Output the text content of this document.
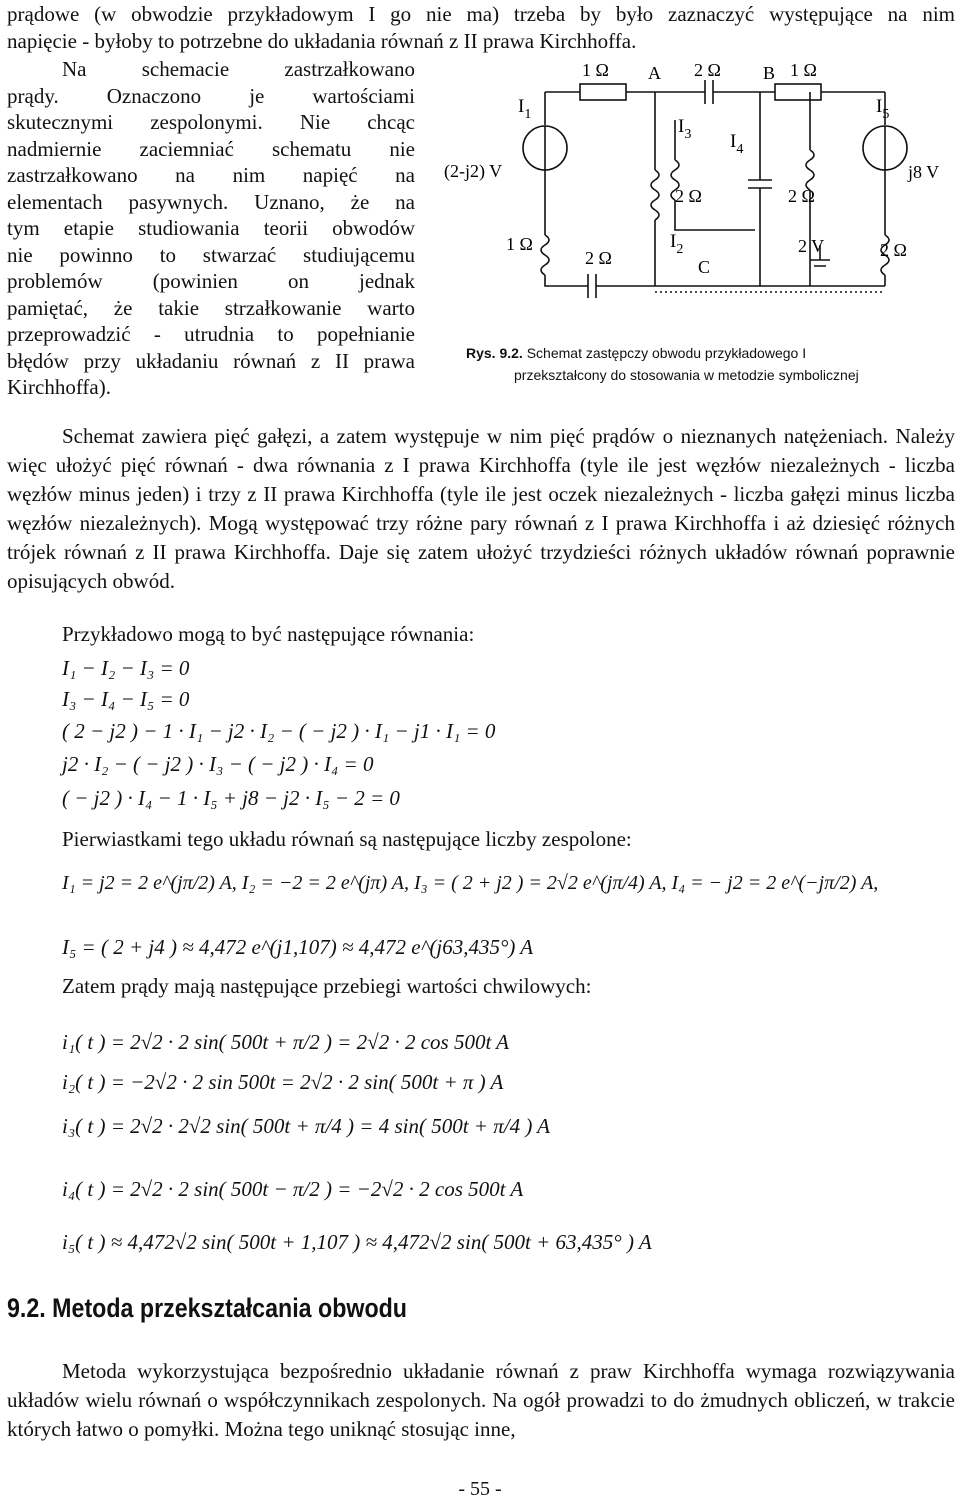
prądowe (w obwodzie przykładowym I go nie ma) trzeba by było zaznaczyć występujące na nim

napięcie - byłoby to potrzebne do układania równań z II prawa Kirchhoffa.

Na schemacie zastrzałkowano

prądy. Oznaczono je wartościami

skutecznymi zespolonymi. Nie chcąc

nadmiernie zaciemniać schematu nie

zastrzałkowano na nim napięć na

elementach pasywnych. Uznano, że na

tym etapie studiowania teorii obwodów

nie powinno to stwarzać studiującemu

problemów (powinien on jednak

pamiętać, że takie strzałkowanie warto

przeprowadzić - utrudnia to popełnianie

błędów przy układaniu równań z II prawa

Kirchhoffa).

1 Ω A 2 Ω B 1 Ω
$I_1$
$I_3$ $I_4$
$I_5$
$I_2$
(2-j2) V	j8 V
2 Ω	2 Ω
1 Ω
2 Ω	C
2 V	2 Ω
Rys. 9.2. Schemat zastępczy obwodu przykładowego I
przekształcony do stosowania w metodzie symbolicznej

Schemat zawiera pięć gałęzi, a zatem występuje w nim pięć prądów o nieznanych natężeniach. Należy więc ułożyć pięć równań - dwa równania z I prawa Kirchhoffa (tyle ile jest węzłów niezależnych - liczba węzłów minus jeden) i trzy z II prawa Kirchhoffa (tyle ile jest oczek niezależnych - liczba gałęzi minus liczba węzłów niezależnych). Mogą występować trzy różne pary równań z I prawa Kirchhoffa i aż dziesięć różnych trójek równań z II prawa Kirchhoffa. Daje się zatem ułożyć trzydzieści różnych układów równań poprawnie opisujących obwód.

Przykładowo mogą to być następujące równania:

I₁ − I₂ − I₃ = 0
I₃ − I₄ − I₅ = 0
( 2 − j2 ) − 1 · I₁ − j2 · I₂ − ( − j2 ) · I₁ − j1 · I₁ = 0
j2 · I₂ − ( − j2 ) · I₃ − ( − j2 ) · I₄ = 0
( − j2 ) · I₄ − 1 · I₅ + j8 − j2 · I₅ − 2 = 0

Pierwiastkami tego układu równań są następujące liczby zespolone:

I₁ = j2 = 2 e^(jπ/2) A, I₂ = −2 = 2 e^(jπ) A, I₃ = ( 2 + j2 ) = 2√2 e^(jπ/4) A, I₄ = − j2 = 2 e^(−jπ/2) A,
I₅ = ( 2 + j4 ) ≈ 4,472 e^(j1,107) ≈ 4,472 e^(j63,435°) A

Zatem prądy mają następujące przebiegi wartości chwilowych:

i₁( t ) = 2√2 · 2 sin( 500t + π/2 ) = 2√2 · 2 cos 500t A
i₂( t ) = −2√2 · 2 sin 500t = 2√2 · 2 sin( 500t + π ) A
i₃( t ) = 2√2 · 2√2 sin( 500t + π/4 ) = 4 sin( 500t + π/4 ) A
i₄( t ) = 2√2 · 2 sin( 500t − π/2 ) = −2√2 · 2 cos 500t A
i₅( t ) ≈ 4,472√2 sin( 500t + 1,107 ) ≈ 4,472√2 sin( 500t + 63,435° ) A
9.2. Metoda przekształcania obwodu

Metoda wykorzystująca bezpośrednio układanie równań z praw Kirchhoffa wymaga rozwiązywania układów wielu równań o współczynnikach zespolonych. Na ogół prowadzi to do żmudnych obliczeń, w trakcie których łatwo o pomyłki. Można tego uniknąć stosując inne,

- 55 -
